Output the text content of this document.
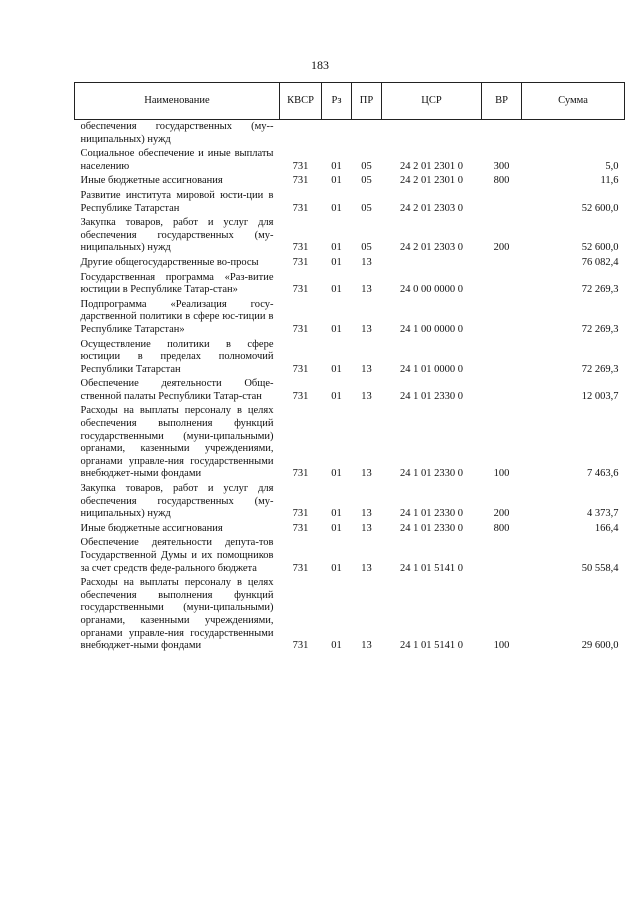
183
Наименование	КВСР	Рз	ПР	ЦСР	ВР	Сумма
обеспечения государственных (му-ниципальных) нужд						
Социальное обеспечение и иные выплаты населению	731	01	05	24 2 01 2301 0	300	5,0
Иные бюджетные ассигнования	731	01	05	24 2 01 2301 0	800	11,6
Развитие института мировой юсти-ции в Республике Татарстан	731	01	05	24 2 01 2303 0		52 600,0
Закупка товаров, работ и услуг для обеспечения государственных (му-ниципальных) нужд	731	01	05	24 2 01 2303 0	200	52 600,0
Другие общегосударственные во-просы	731	01	13			76 082,4
Государственная программа «Раз-витие юстиции в Республике Татар-стан»	731	01	13	24 0 00 0000 0		72 269,3
Подпрограмма «Реализация госу-дарственной политики в сфере юс-тиции в Республике Татарстан»	731	01	13	24 1 00 0000 0		72 269,3
Осуществление политики в сфере юстиции в пределах полномочий Республики Татарстан	731	01	13	24 1 01 0000 0		72 269,3
Обеспечение деятельности Обще-ственной палаты Республики Татар-стан	731	01	13	24 1 01 2330 0		12 003,7
Расходы на выплаты персоналу в целях обеспечения выполнения функций государственными (муни-ципальными) органами, казенными учреждениями, органами управле-ния государственными внебюджет-ными фондами	731	01	13	24 1 01 2330 0	100	7 463,6
Закупка товаров, работ и услуг для обеспечения государственных (му-ниципальных) нужд	731	01	13	24 1 01 2330 0	200	4 373,7
Иные бюджетные ассигнования	731	01	13	24 1 01 2330 0	800	166,4
Обеспечение деятельности депута-тов Государственной Думы и их помощников за счет средств феде-рального бюджета	731	01	13	24 1 01 5141 0		50 558,4
Расходы на выплаты персоналу в целях обеспечения выполнения функций государственными (муни-ципальными) органами, казенными учреждениями, органами управле-ния государственными внебюджет-ными фондами	731	01	13	24 1 01 5141 0	100	29 600,0
